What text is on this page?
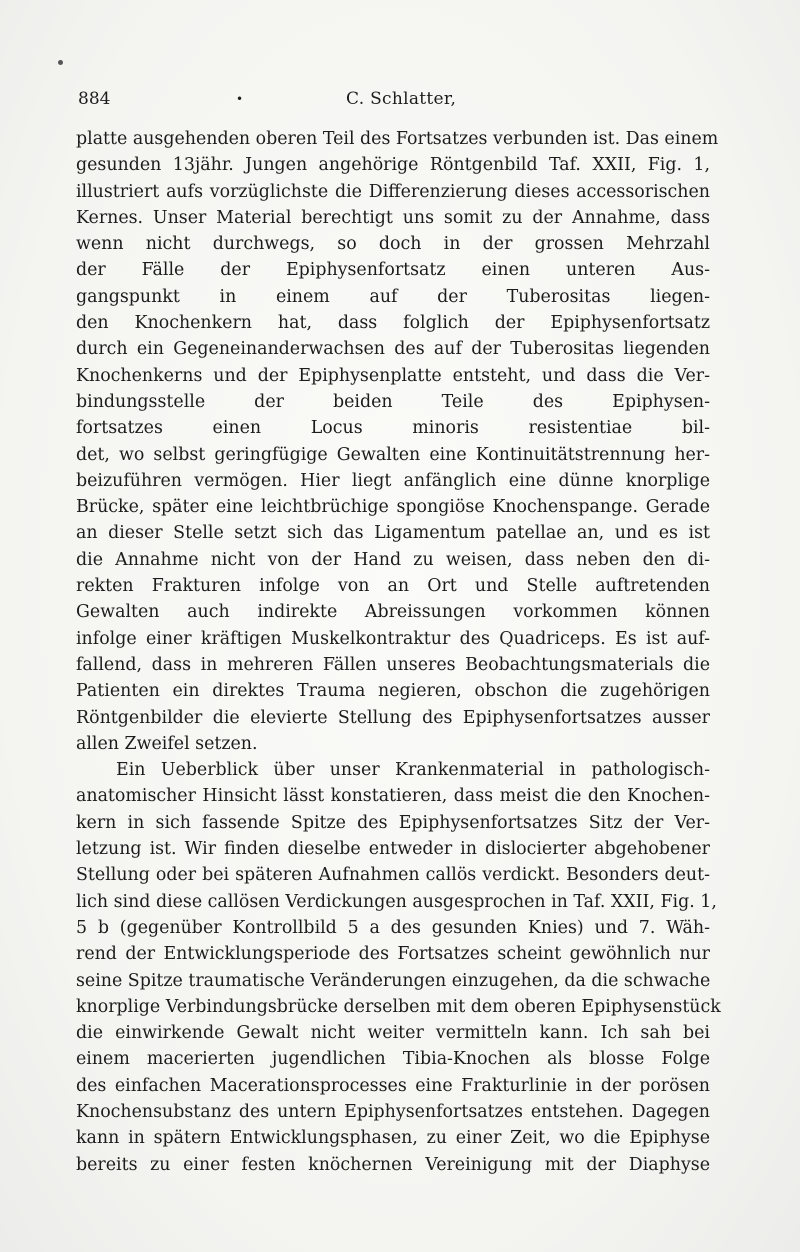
884	•	C. Schlatter,
platte ausgehenden oberen Teil des Fortsatzes verbunden ist. Das einem
gesunden 13jähr. Jungen angehörige Röntgenbild Taf. XXII, Fig. 1,
illustriert aufs vorzüglichste die Differenzierung dieses accessorischen
Kernes. Unser Material berechtigt uns somit zu der Annahme, dass
wenn nicht durchwegs, so doch in der grossen Mehrzahl
der Fälle der Epiphysenfortsatz einen unteren Aus-
gangspunkt in einem auf der Tuberositas liegen-
den Knochenkern hat, dass folglich der Epiphysenfortsatz
durch ein Gegeneinanderwachsen des auf der Tuberositas liegenden
Knochenkerns und der Epiphysenplatte entsteht, und dass die Ver-
bindungsstelle der beiden Teile des Epiphysen-
fortsatzes einen Locus minoris resistentiae bil-
det, wo selbst geringfügige Gewalten eine Kontinuitätstrennung her-
beizuführen vermögen. Hier liegt anfänglich eine dünne knorplige
Brücke, später eine leichtbrüchige spongiöse Knochenspange. Gerade
an dieser Stelle setzt sich das Ligamentum patellae an, und es ist
die Annahme nicht von der Hand zu weisen, dass neben den di-
rekten Frakturen infolge von an Ort und Stelle auftretenden
Gewalten auch indirekte Abreissungen vorkommen können
infolge einer kräftigen Muskelkontraktur des Quadriceps. Es ist auf-
fallend, dass in mehreren Fällen unseres Beobachtungsmaterials die
Patienten ein direktes Trauma negieren, obschon die zugehörigen
Röntgenbilder die elevierte Stellung des Epiphysenfortsatzes ausser
allen Zweifel setzen.
Ein Ueberblick über unser Krankenmaterial in pathologisch-
anatomischer Hinsicht lässt konstatieren, dass meist die den Knochen-
kern in sich fassende Spitze des Epiphysenfortsatzes Sitz der Ver-
letzung ist. Wir finden dieselbe entweder in dislocierter abgehobener
Stellung oder bei späteren Aufnahmen callös verdickt. Besonders deut-
lich sind diese callösen Verdickungen ausgesprochen in Taf. XXII, Fig. 1,
5 b (gegenüber Kontrollbild 5 a des gesunden Knies) und 7. Wäh-
rend der Entwicklungsperiode des Fortsatzes scheint gewöhnlich nur
seine Spitze traumatische Veränderungen einzugehen, da die schwache
knorplige Verbindungsbrücke derselben mit dem oberen Epiphysenstück
die einwirkende Gewalt nicht weiter vermitteln kann. Ich sah bei
einem macerierten jugendlichen Tibia-Knochen als blosse Folge
des einfachen Macerationsprocesses eine Frakturlinie in der porösen
Knochensubstanz des untern Epiphysenfortsatzes entstehen. Dagegen
kann in spätern Entwicklungsphasen, zu einer Zeit, wo die Epiphyse
bereits zu einer festen knöchernen Vereinigung mit der Diaphyse
